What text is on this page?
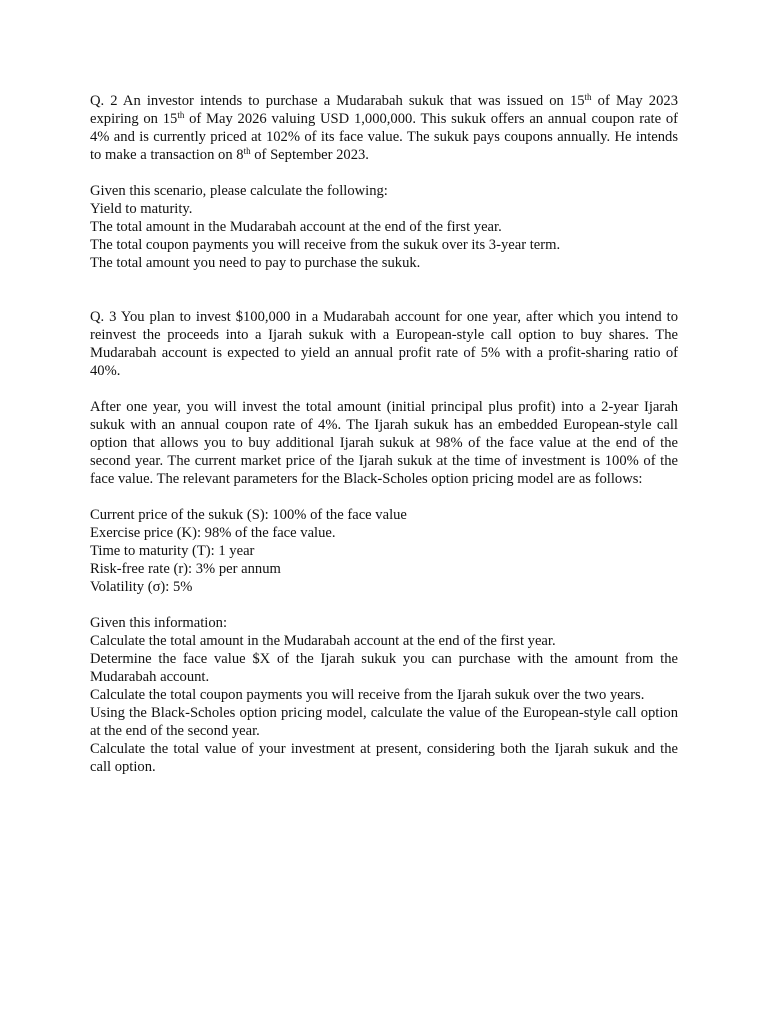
Q. 2 An investor intends to purchase a Mudarabah sukuk that was issued on 15th of May 2023 expiring on 15th of May 2026 valuing USD 1,000,000. This sukuk offers an annual coupon rate of 4% and is currently priced at 102% of its face value. The sukuk pays coupons annually. He intends to make a transaction on 8th of September 2023.

Given this scenario, please calculate the following:

Yield to maturity.

The total amount in the Mudarabah account at the end of the first year.

The total coupon payments you will receive from the sukuk over its 3-year term.

The total amount you need to pay to purchase the sukuk.

Q. 3 You plan to invest $100,000 in a Mudarabah account for one year, after which you intend to reinvest the proceeds into a Ijarah sukuk with a European-style call option to buy shares. The Mudarabah account is expected to yield an annual profit rate of 5% with a profit-sharing ratio of 40%.

After one year, you will invest the total amount (initial principal plus profit) into a 2-year Ijarah sukuk with an annual coupon rate of 4%. The Ijarah sukuk has an embedded European-style call option that allows you to buy additional Ijarah sukuk at 98% of the face value at the end of the second year. The current market price of the Ijarah sukuk at the time of investment is 100% of the face value. The relevant parameters for the Black-Scholes option pricing model are as follows:

Current price of the sukuk (S): 100% of the face value

Exercise price (K): 98% of the face value.

Time to maturity (T): 1 year

Risk-free rate (r): 3% per annum

Volatility (σ): 5%

Given this information:

Calculate the total amount in the Mudarabah account at the end of the first year.

Determine the face value $X of the Ijarah sukuk you can purchase with the amount from the Mudarabah account.

Calculate the total coupon payments you will receive from the Ijarah sukuk over the two years.

Using the Black-Scholes option pricing model, calculate the value of the European-style call option at the end of the second year.

Calculate the total value of your investment at present, considering both the Ijarah sukuk and the call option.
